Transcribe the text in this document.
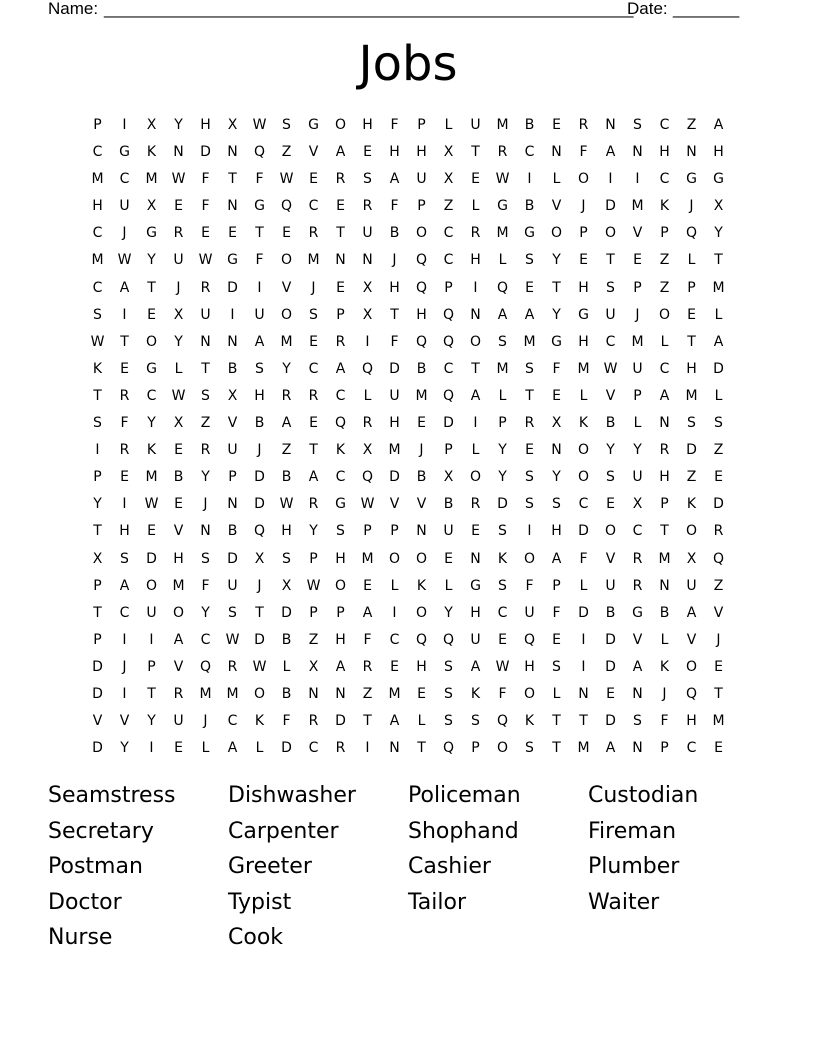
Name: ________________________________________________________
Date: _______
Jobs
P	I	X	Y	H	X	W	S	G	O	H	F	P	L	U	M	B	E	R	N	S	C	Z	A
C	G	K	N	D	N	Q	Z	V	A	E	H	H	X	T	R	C	N	F	A	N	H	N	H
M	C	M	W	F	T	F	W	E	R	S	A	U	X	E	W	I	L	O	I	I	C	G	G
H	U	X	E	F	N	G	Q	C	E	R	F	P	Z	L	G	B	V	J	D	M	K	J	X
C	J	G	R	E	E	T	E	R	T	U	B	O	C	R	M	G	O	P	O	V	P	Q	Y
M	W	Y	U	W	G	F	O	M	N	N	J	Q	C	H	L	S	Y	E	T	E	Z	L	T
C	A	T	J	R	D	I	V	J	E	X	H	Q	P	I	Q	E	T	H	S	P	Z	P	M
S	I	E	X	U	I	U	O	S	P	X	T	H	Q	N	A	A	Y	G	U	J	O	E	L
W	T	O	Y	N	N	A	M	E	R	I	F	Q	Q	O	S	M	G	H	C	M	L	T	A
K	E	G	L	T	B	S	Y	C	A	Q	D	B	C	T	M	S	F	M	W	U	C	H	D
T	R	C	W	S	X	H	R	R	C	L	U	M	Q	A	L	T	E	L	V	P	A	M	L
S	F	Y	X	Z	V	B	A	E	Q	R	H	E	D	I	P	R	X	K	B	L	N	S	S
I	R	K	E	R	U	J	Z	T	K	X	M	J	P	L	Y	E	N	O	Y	Y	R	D	Z
P	E	M	B	Y	P	D	B	A	C	Q	D	B	X	O	Y	S	Y	O	S	U	H	Z	E
Y	I	W	E	J	N	D	W	R	G	W	V	V	B	R	D	S	S	C	E	X	P	K	D
T	H	E	V	N	B	Q	H	Y	S	P	P	N	U	E	S	I	H	D	O	C	T	O	R
X	S	D	H	S	D	X	S	P	H	M	O	O	E	N	K	O	A	F	V	R	M	X	Q
P	A	O	M	F	U	J	X	W	O	E	L	K	L	G	S	F	P	L	U	R	N	U	Z
T	C	U	O	Y	S	T	D	P	P	A	I	O	Y	H	C	U	F	D	B	G	B	A	V
P	I	I	A	C	W	D	B	Z	H	F	C	Q	Q	U	E	Q	E	I	D	V	L	V	J
D	J	P	V	Q	R	W	L	X	A	R	E	H	S	A	W	H	S	I	D	A	K	O	E
D	I	T	R	M	M	O	B	N	N	Z	M	E	S	K	F	O	L	N	E	N	J	Q	T
V	V	Y	U	J	C	K	F	R	D	T	A	L	S	S	Q	K	T	T	D	S	F	H	M
D	Y	I	E	L	A	L	D	C	R	I	N	T	Q	P	O	S	T	M	A	N	P	C	E
Seamstress	Dishwasher	Policeman	Custodian
Secretary	Carpenter	Shophand	Fireman
Postman	Greeter	Cashier	Plumber
Doctor	Typist	Tailor	Waiter
Nurse	Cook
